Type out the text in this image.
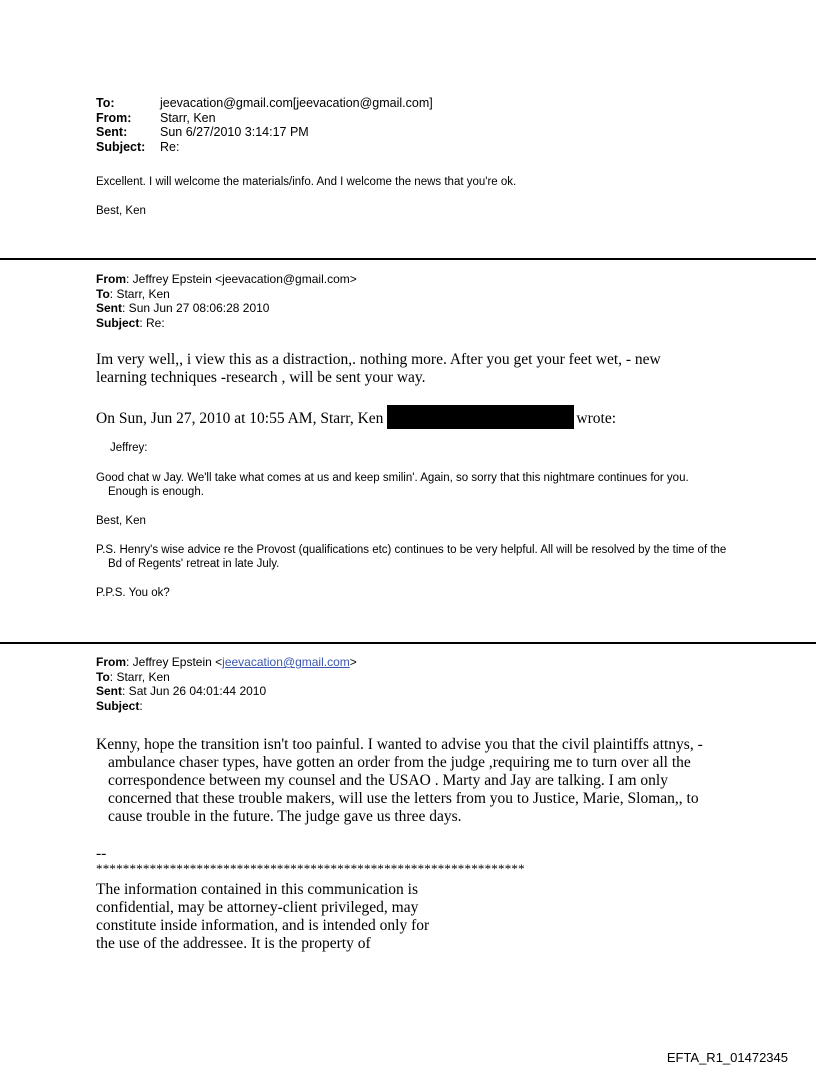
To:	jeevacation@gmail.com[jeevacation@gmail.com]
From:	Starr, Ken
Sent:	Sun 6/27/2010 3:14:17 PM
Subject:	Re:
Excellent. I will welcome the materials/info. And I welcome the news that you're ok.
Best, Ken
From: Jeffrey Epstein <jeevacation@gmail.com>
To: Starr, Ken
Sent: Sun Jun 27 08:06:28 2010
Subject: Re:
Im very well,, i view this as a distraction,. nothing more. After you get your feet wet, - new
learning techniques -research , will be sent your way.
On Sun, Jun 27, 2010 at 10:55 AM, Starr, Ken	wrote:
Jeffrey:
Good chat w Jay. We'll take what comes at us and keep smilin'. Again, so sorry that this nightmare continues for you. Enough is enough.
Best, Ken
P.S. Henry's wise advice re the Provost (qualifications etc) continues to be very helpful. All will be resolved by the time of the Bd of Regents' retreat in late July.
P.P.S. You ok?
From: Jeffrey Epstein <jeevacation@gmail.com>
To: Starr, Ken
Sent: Sat Jun 26 04:01:44 2010
Subject:
Kenny, hope the transition isn't too painful. I wanted to advise you that the civil plaintiffs attnys, - ambulance chaser types, have gotten an order from the judge ,requiring me to turn over all the correspondence between my counsel and the USAO . Marty and Jay are talking. I am only concerned that these trouble makers, will use the letters from you to Justice, Marie, Sloman,, to cause trouble in the future. The judge gave us three days.
--
****************************************************************
The information contained in this communication is
confidential, may be attorney-client privileged, may
constitute inside information, and is intended only for
the use of the addressee. It is the property of
EFTA_R1_01472345
